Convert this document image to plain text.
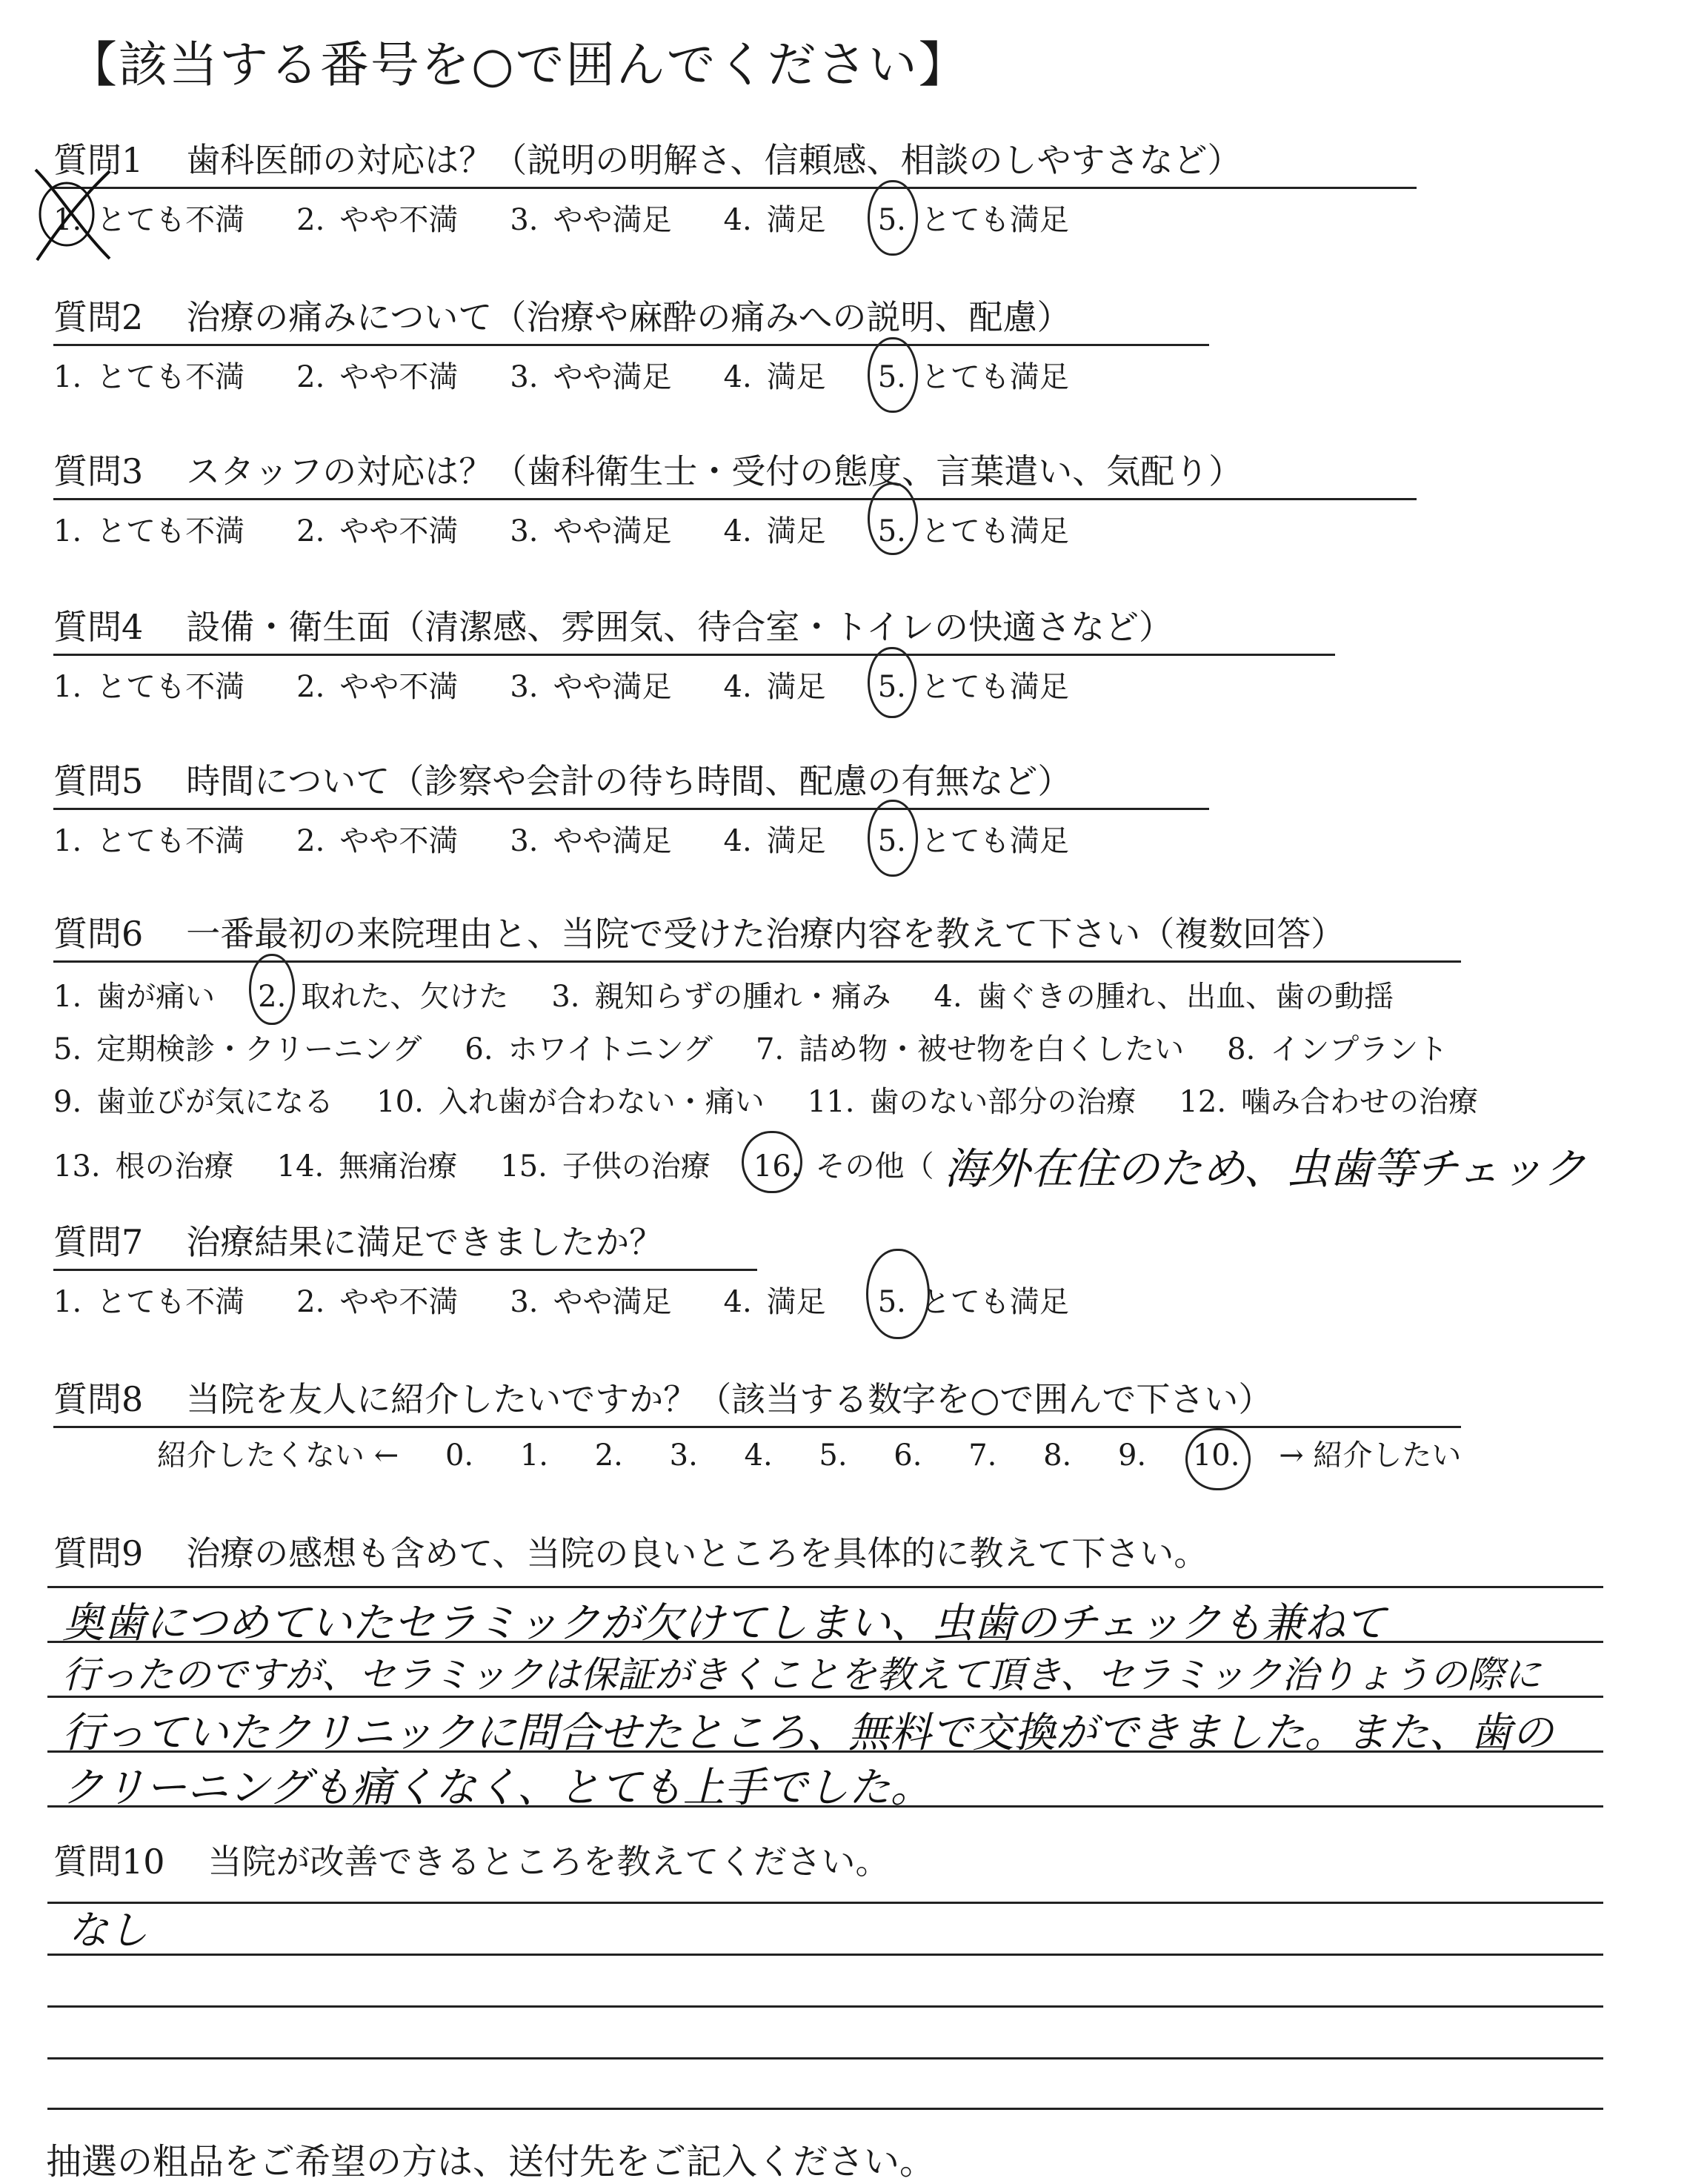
【該当する番号を○で囲んでください】
質問1 歯科医師の対応は？（説明の明解さ、信頼感、相談のしやすさなど）
1. とても不満 2. やや不満 3. やや満足 4. 満足 5. とても満足
質問2 治療の痛みについて（治療や麻酔の痛みへの説明、配慮）
1. とても不満 2. やや不満 3. やや満足 4. 満足 5. とても満足
質問3 スタッフの対応は？（歯科衛生士・受付の態度、言葉遣い、気配り）
1. とても不満 2. やや不満 3. やや満足 4. 満足 5. とても満足
質問4 設備・衛生面（清潔感、雰囲気、待合室・トイレの快適さなど）
1. とても不満 2. やや不満 3. やや満足 4. 満足 5. とても満足
質問5 時間について（診察や会計の待ち時間、配慮の有無など）
1. とても不満 2. やや不満 3. やや満足 4. 満足 5. とても満足
質問6 一番最初の来院理由と、当院で受けた治療内容を教えて下さい（複数回答）
1. 歯が痛い 2. 取れた、欠けた 3. 親知らずの腫れ・痛み 4. 歯ぐきの腫れ、出血、歯の動揺
5. 定期検診・クリーニング 6. ホワイトニング 7. 詰め物・被せ物を白くしたい 8. インプラント
9. 歯並びが気になる 10. 入れ歯が合わない・痛い 11. 歯のない部分の治療 12. 噛み合わせの治療
13. 根の治療 14. 無痛治療 15. 子供の治療 16. その他（ 海外在住のため、虫歯等チェック
質問7 治療結果に満足できましたか？
1. とても不満 2. やや不満 3. やや満足 4. 満足 5. とても満足
質問8 当院を友人に紹介したいですか？（該当する数字を○で囲んで下さい）
紹介したくない ← 0. 1. 2. 3. 4. 5. 6. 7. 8. 9. 10. → 紹介したい
質問9 治療の感想も含めて、当院の良いところを具体的に教えて下さい。
奥歯につめていたセラミックが欠けてしまい、虫歯のチェックも兼ねて
行ったのですが、セラミックは保証がきくことを教えて頂き、セラミック治りょうの際に
行っていたクリニックに問合せたところ、無料で交換ができました。また、歯の
クリーニングも痛くなく、とても上手でした。
質問10 当院が改善できるところを教えてください。
なし
抽選の粗品をご希望の方は、送付先をご記入ください。
